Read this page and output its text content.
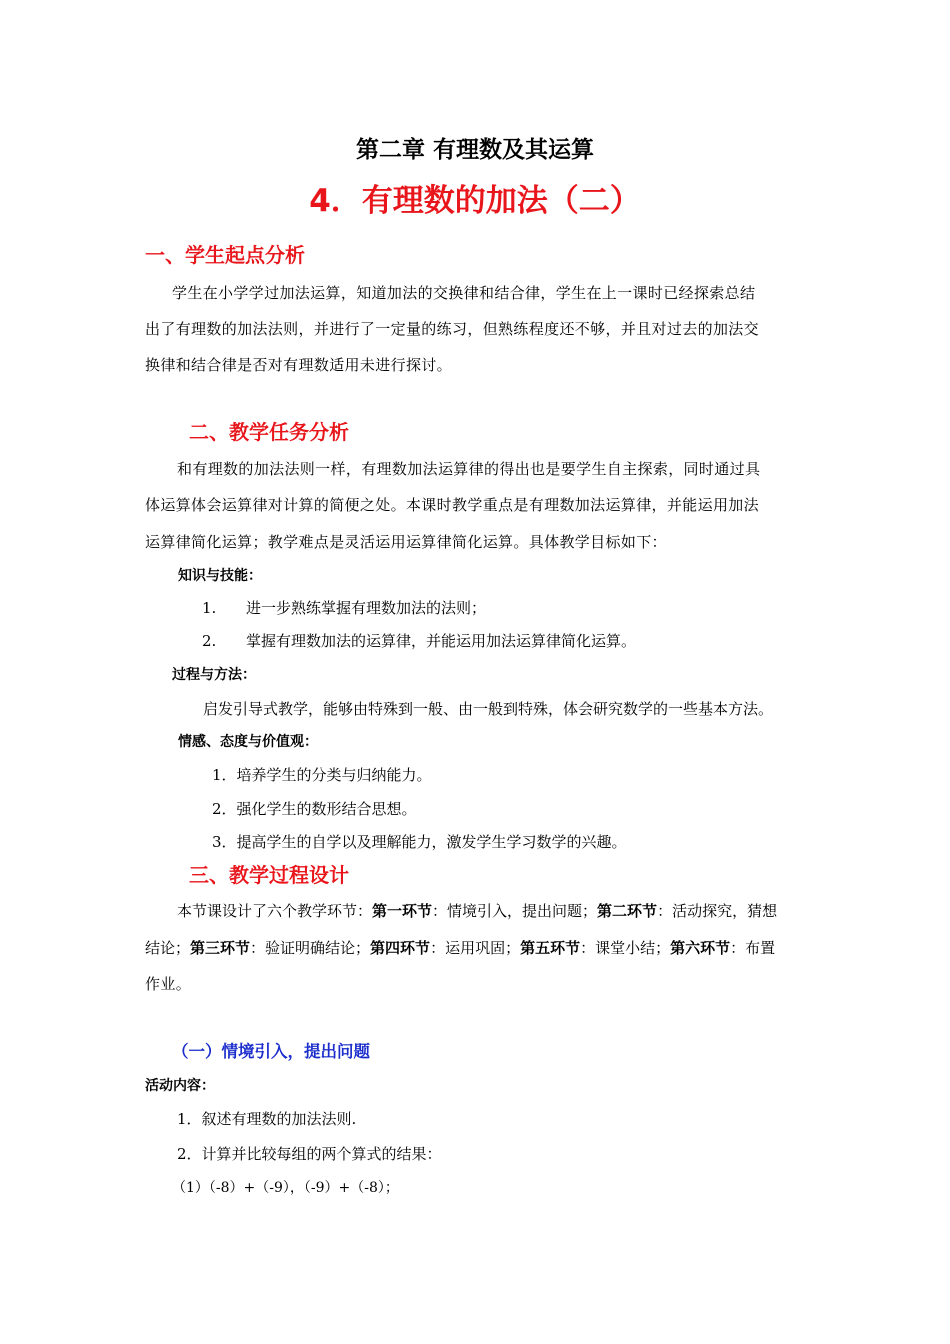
第二章 有理数及其运算
4．有理数的加法（二）
一、学生起点分析
学生在小学学过加法运算，知道加法的交换律和结合律，学生在上一课时已经探索总结
出了有理数的加法法则，并进行了一定量的练习，但熟练程度还不够，并且对过去的加法交
换律和结合律是否对有理数适用未进行探讨。
二、教学任务分析
和有理数的加法法则一样，有理数加法运算律的得出也是要学生自主探索，同时通过具
体运算体会运算律对计算的简便之处。本课时教学重点是有理数加法运算律，并能运用加法
运算律简化运算；教学难点是灵活运用运算律简化运算。具体教学目标如下：
知识与技能：
1. 进一步熟练掌握有理数加法的法则；
2. 掌握有理数加法的运算律，并能运用加法运算律简化运算。
过程与方法：
启发引导式教学，能够由特殊到一般、由一般到特殊，体会研究数学的一些基本方法。
情感、态度与价值观：
1．培养学生的分类与归纳能力。
2．强化学生的数形结合思想。
3．提高学生的自学以及理解能力，激发学生学习数学的兴趣。
三、教学过程设计
本节课设计了六个教学环节：第一环节：情境引入，提出问题；第二环节：活动探究，猜想
结论；第三环节：验证明确结论；第四环节：运用巩固；第五环节：课堂小结；第六环节：布置
作业。
（一）情境引入，提出问题
活动内容：
1．叙述有理数的加法法则.
2．计算并比较每组的两个算式的结果：
（1）（-8）+（-9），（-9）+（-8）；
